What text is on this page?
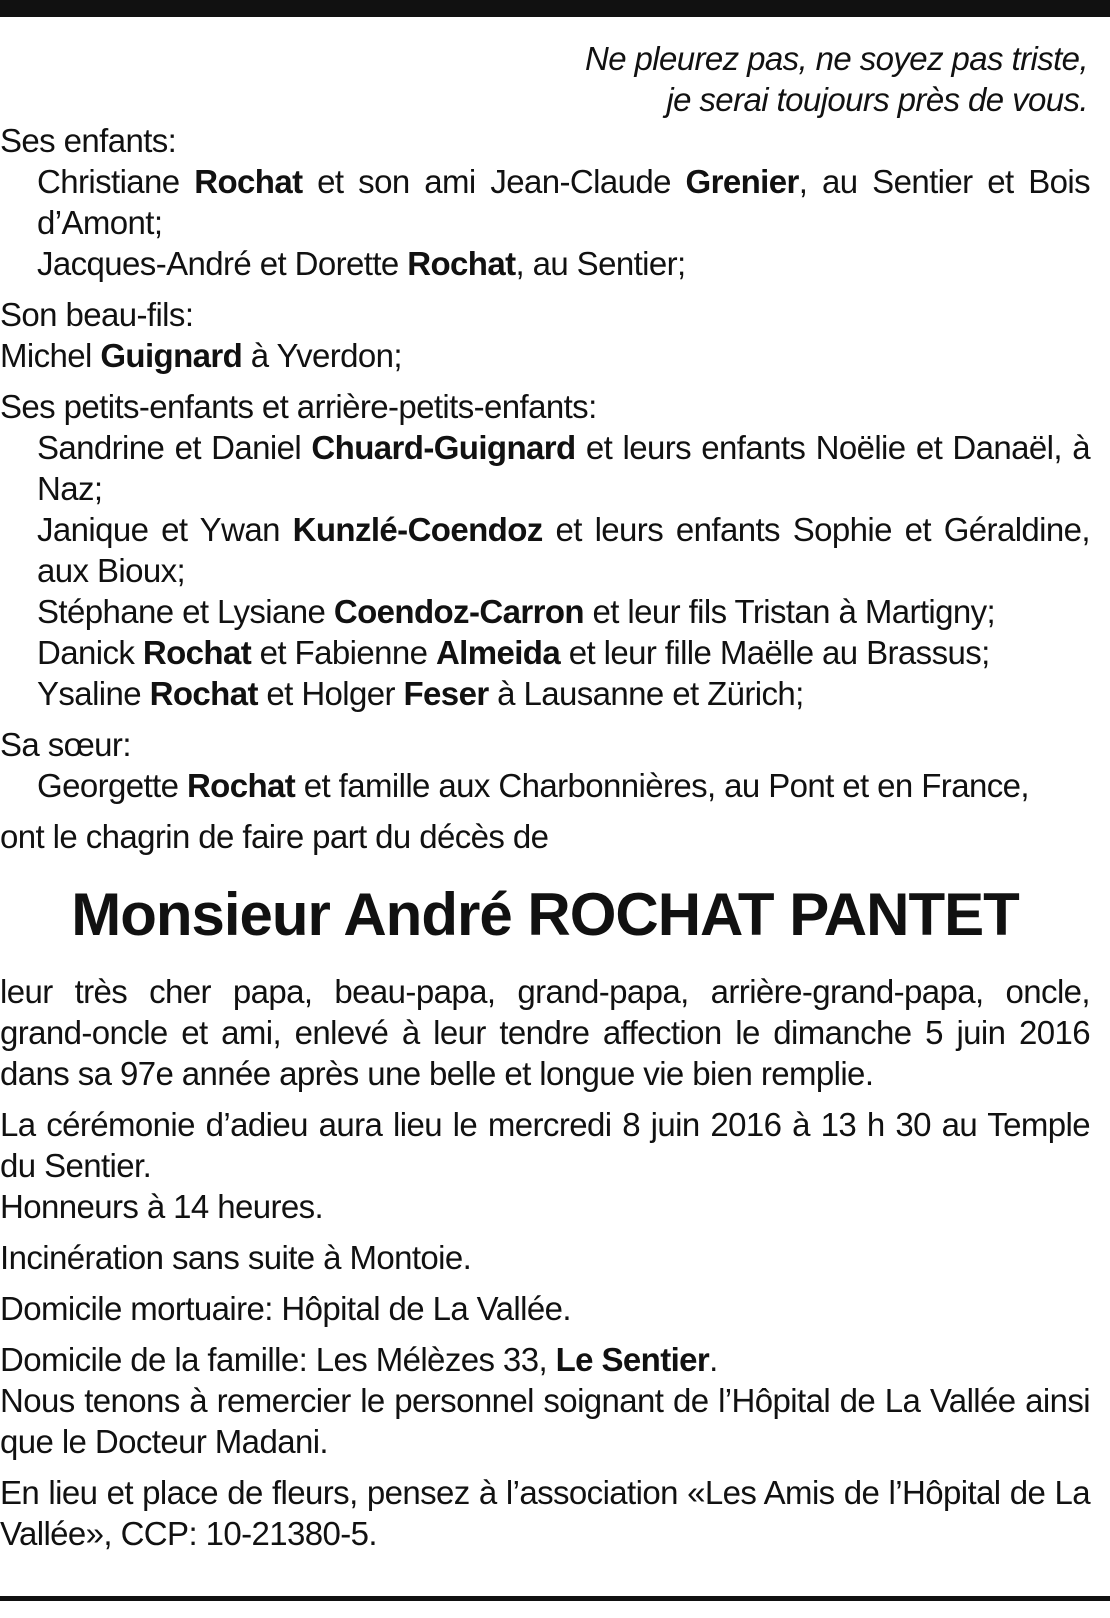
Ne pleurez pas, ne soyez pas triste,
je serai toujours près de vous.
Ses enfants:
Christiane Rochat et son ami Jean-Claude Grenier, au Sentier et Bois d’Amont;
Jacques-André et Dorette Rochat, au Sentier;
Son beau-fils:
Michel Guignard à Yverdon;
Ses petits-enfants et arrière-petits-enfants:
Sandrine et Daniel Chuard-Guignard et leurs enfants Noëlie et Danaël, à Naz;
Janique et Ywan Kunzlé-Coendoz et leurs enfants Sophie et Géraldine, aux Bioux;
Stéphane et Lysiane Coendoz-Carron et leur fils Tristan à Martigny;
Danick Rochat et Fabienne Almeida et leur fille Maëlle au Brassus;
Ysaline Rochat et Holger Feser à Lausanne et Zürich;
Sa sœur:
Georgette Rochat et famille aux Charbonnières, au Pont et en France,
ont le chagrin de faire part du décès de
Monsieur André ROCHAT PANTET
leur très cher papa, beau-papa, grand-papa, arrière-grand-papa, oncle, grand-oncle et ami, enlevé à leur tendre affection le dimanche 5 juin 2016 dans sa 97e année après une belle et longue vie bien remplie.
La cérémonie d’adieu aura lieu le mercredi 8 juin 2016 à 13 h 30 au Temple du Sentier.
Honneurs à 14 heures.
Incinération sans suite à Montoie.
Domicile mortuaire: Hôpital de La Vallée.
Domicile de la famille: Les Mélèzes 33, Le Sentier.
Nous tenons à remercier le personnel soignant de l’Hôpital de La Vallée ainsi que le Docteur Madani.
En lieu et place de fleurs, pensez à l’association «Les Amis de l’Hôpital de La Vallée», CCP: 10-21380-5.
